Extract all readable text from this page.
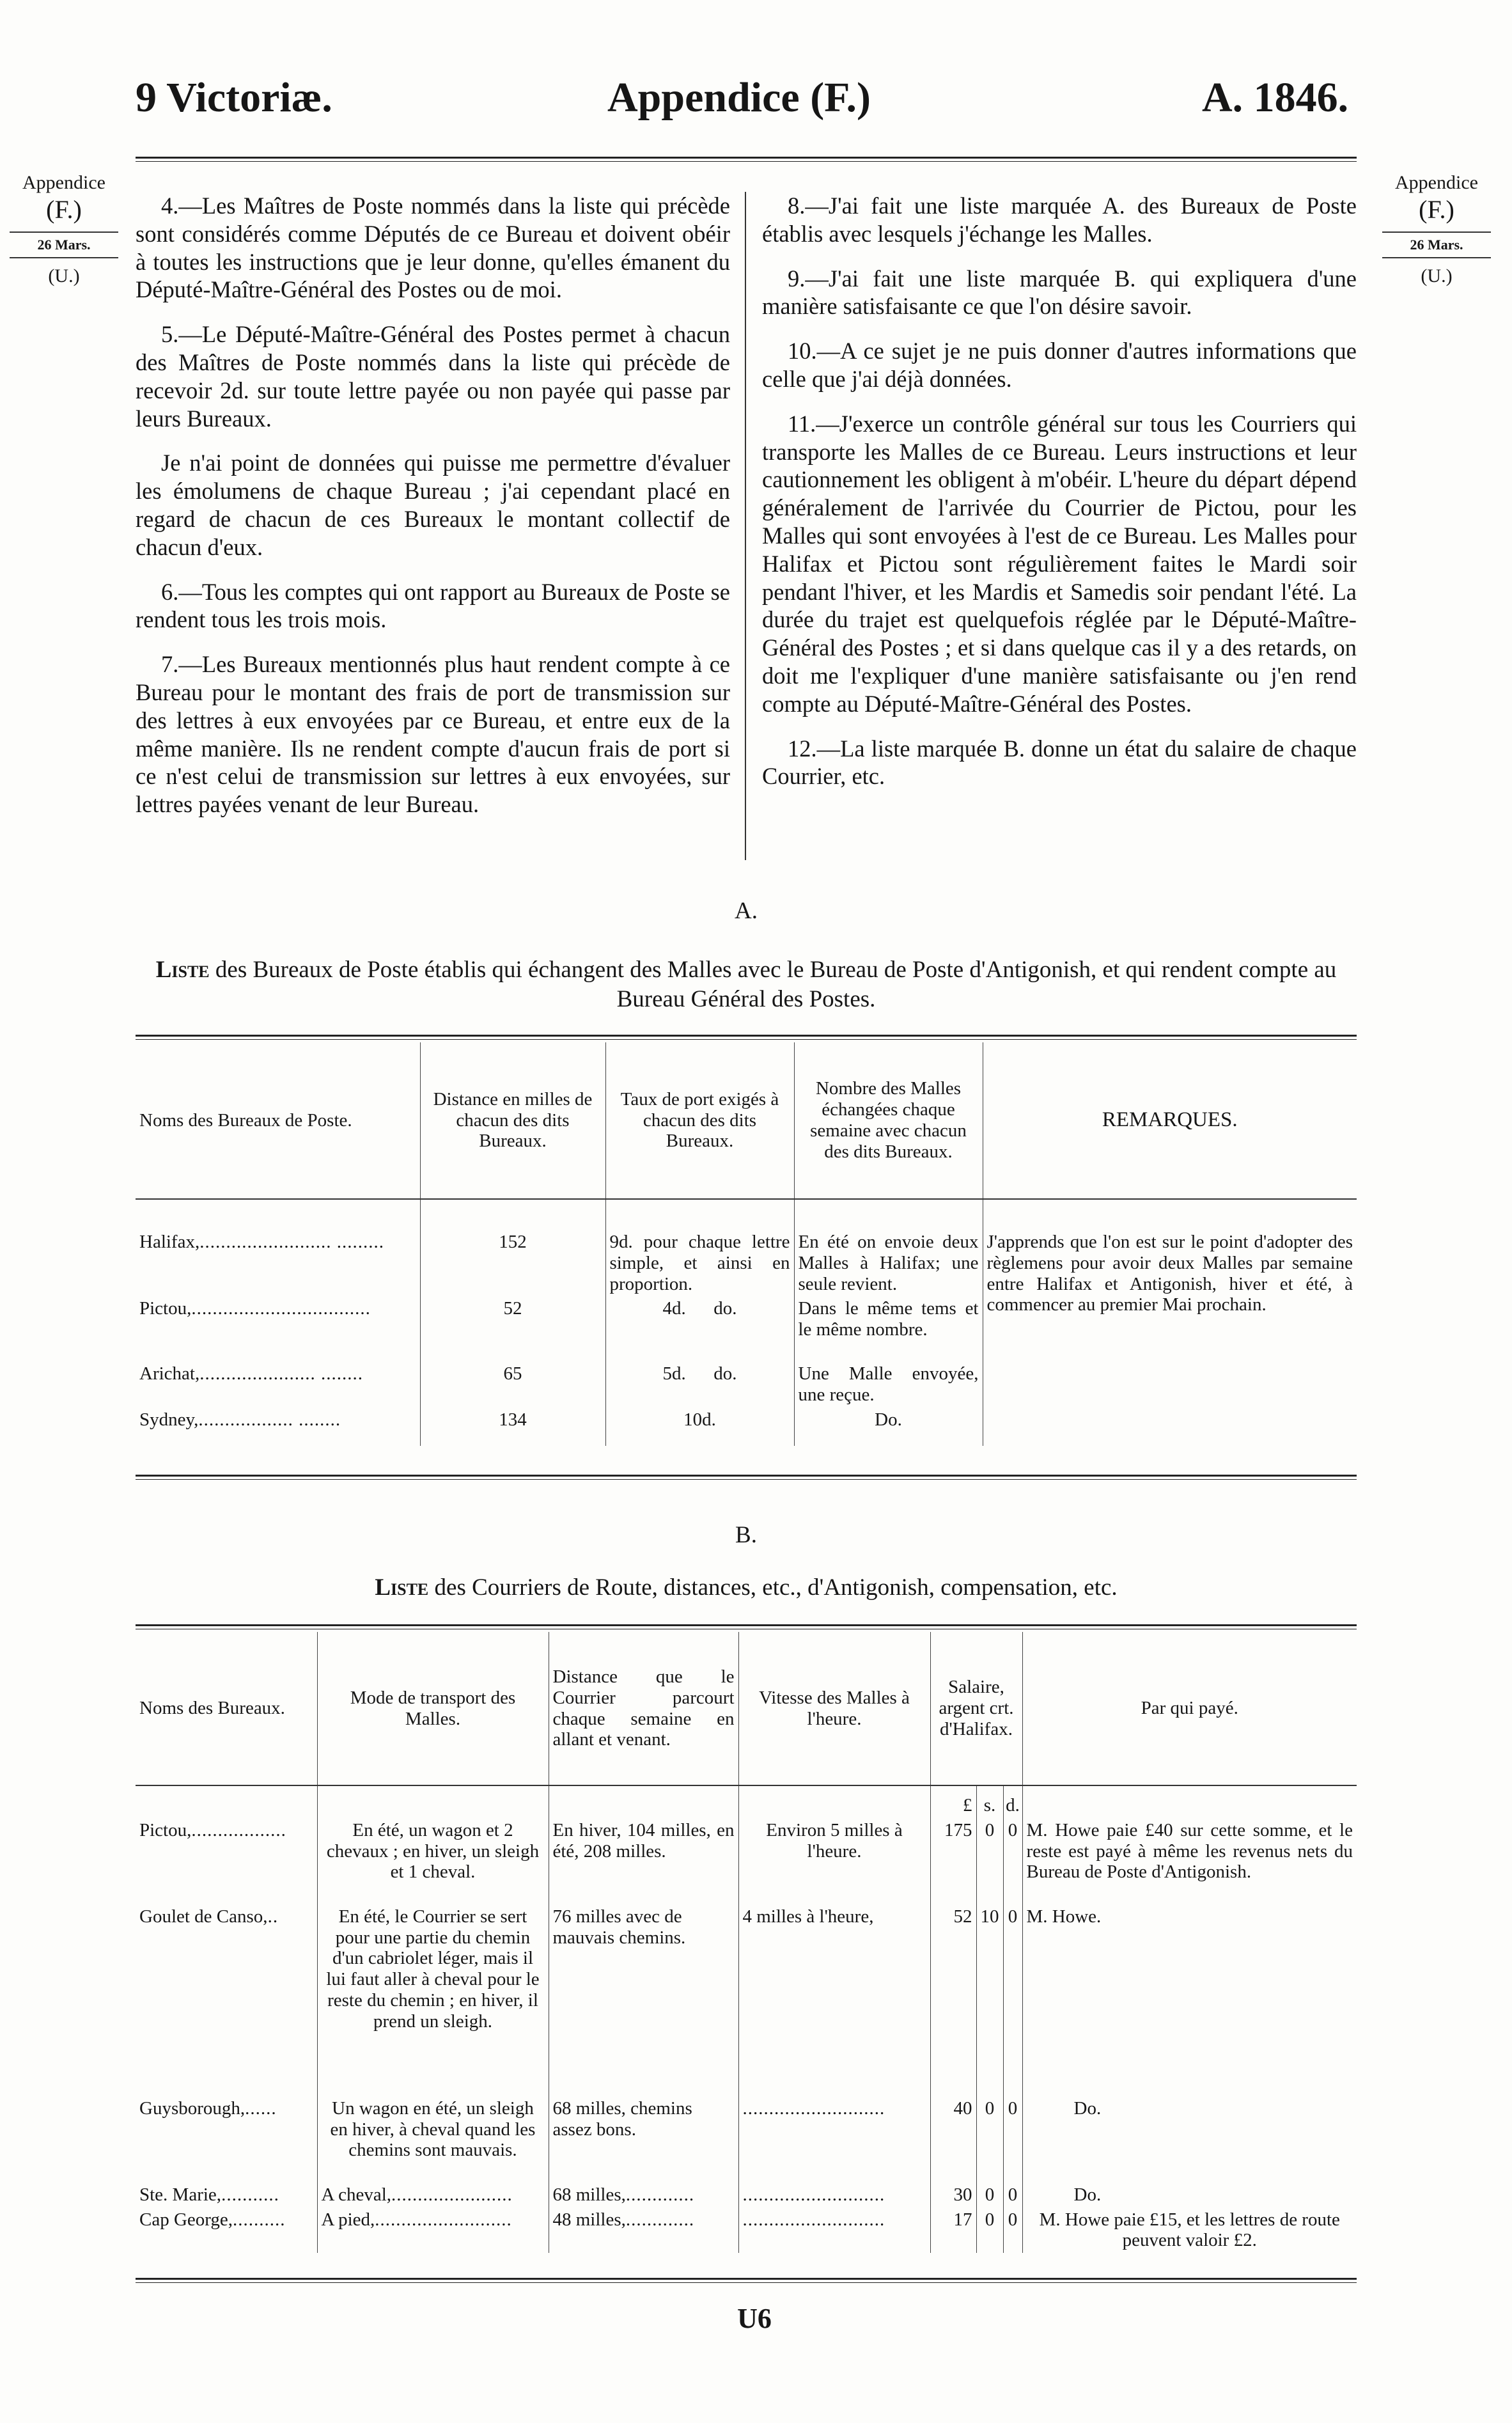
9 Victoriæ.	Appendice (F.)	A. 1846.
Appendice
(F.)
26 Mars.
(U.)
Appendice
(F.)
26 Mars.
(U.)

4.—Les Maîtres de Poste nommés dans la liste qui précède sont considérés comme Députés de ce Bureau et doivent obéir à toutes les instructions que je leur donne, qu'elles émanent du Député-Maître-Général des Postes ou de moi.

5.—Le Député-Maître-Général des Postes permet à chacun des Maîtres de Poste nommés dans la liste qui précède de recevoir 2d. sur toute lettre payée ou non payée qui passe par leurs Bureaux.

Je n'ai point de données qui puisse me permettre d'évaluer les émolumens de chaque Bureau ; j'ai cependant placé en regard de chacun de ces Bureaux le montant collectif de chacun d'eux.

6.—Tous les comptes qui ont rapport au Bureaux de Poste se rendent tous les trois mois.

7.—Les Bureaux mentionnés plus haut rendent compte à ce Bureau pour le montant des frais de port de transmission sur des lettres à eux envoyées par ce Bureau, et entre eux de la même manière. Ils ne rendent compte d'aucun frais de port si ce n'est celui de transmission sur lettres à eux envoyées, sur lettres payées venant de leur Bureau.

8.—J'ai fait une liste marquée A. des Bureaux de Poste établis avec lesquels j'échange les Malles.

9.—J'ai fait une liste marquée B. qui expliquera d'une manière satisfaisante ce que l'on désire savoir.

10.—A ce sujet je ne puis donner d'autres informations que celle que j'ai déjà données.

11.—J'exerce un contrôle général sur tous les Courriers qui transporte les Malles de ce Bureau. Leurs instructions et leur cautionnement les obligent à m'obéir. L'heure du départ dépend généralement de l'arrivée du Courrier de Pictou, pour les Malles qui sont envoyées à l'est de ce Bureau. Les Malles pour Halifax et Pictou sont régulièrement faites le Mardi soir pendant l'hiver, et les Mardis et Samedis soir pendant l'été. La durée du trajet est quelquefois réglée par le Député-Maître-Général des Postes ; et si dans quelque cas il y a des retards, on doit me l'expliquer d'une manière satisfaisante ou j'en rend compte au Député-Maître-Général des Postes.

12.—La liste marquée B. donne un état du salaire de chaque Courrier, etc.

A.
Liste des Bureaux de Poste établis qui échangent des Malles avec le Bureau de Poste d'Antigonish, et qui rendent compte au Bureau Général des Postes.
Noms des Bureaux de Poste.	Distance en milles de chacun des dits Bureaux.	Taux de port exigés à chacun des dits Bureaux.	Nombre des Malles échangées chaque semaine avec chacun des dits Bureaux.	REMARQUES.
Halifax,......................... .........	152	9d. pour chaque lettre simple, et ainsi en proportion.	En été on envoie deux Malles à Halifax; une seule revient.	J'apprends que l'on est sur le point d'adopter des règlemens pour avoir deux Malles par semaine entre Halifax et Antigonish, hiver et été, à commencer au premier Mai prochain.
Pictou,..................................	52	4d.      do.	Dans le même tems et le même nombre.	
Arichat,...................... ........	65	5d.      do.	Une Malle envoyée, une reçue.	
Sydney,.................. ........	134	10d.	Do.	
B.
Liste des Courriers de Route, distances, etc., d'Antigonish, compensation, etc.
Noms des Bureaux.	Mode de transport des Malles.	Distance que le Courrier parcourt chaque semaine en allant et venant.	Vitesse des Malles à l'heure.	Salaire, argent crt. d'Halifax.			Par qui payé.
				£	s.	d.	
Pictou,..................	En été, un wagon et 2 chevaux ; en hiver, un sleigh et 1 cheval.	En hiver, 104 milles, en été, 208 milles.	Environ 5 milles à l'heure.	175	0	0	M. Howe paie £40 sur cette somme, et le reste est payé à même les revenus nets du Bureau de Poste d'Antigonish.
Goulet de Canso,..	En été, le Courrier se sert pour une partie du chemin d'un cabriolet léger, mais il lui faut aller à cheval pour le reste du chemin ; en hiver, il prend un sleigh.	76 milles avec de mauvais chemins.	4 milles à l'heure,	52	10	0	M. Howe.
Guysborough,......	Un wagon en été, un sleigh en hiver, à cheval quand les chemins sont mauvais.	68 milles, chemins assez bons.	...........................	40	0	0	Do.
Ste. Marie,...........	A cheval,.......................	68 milles,.............	...........................	30	0	0	Do.
Cap George,..........	A pied,..........................	48 milles,.............	...........................	17	0	0	M. Howe paie £15, et les lettres de route peuvent valoir £2.
U6
